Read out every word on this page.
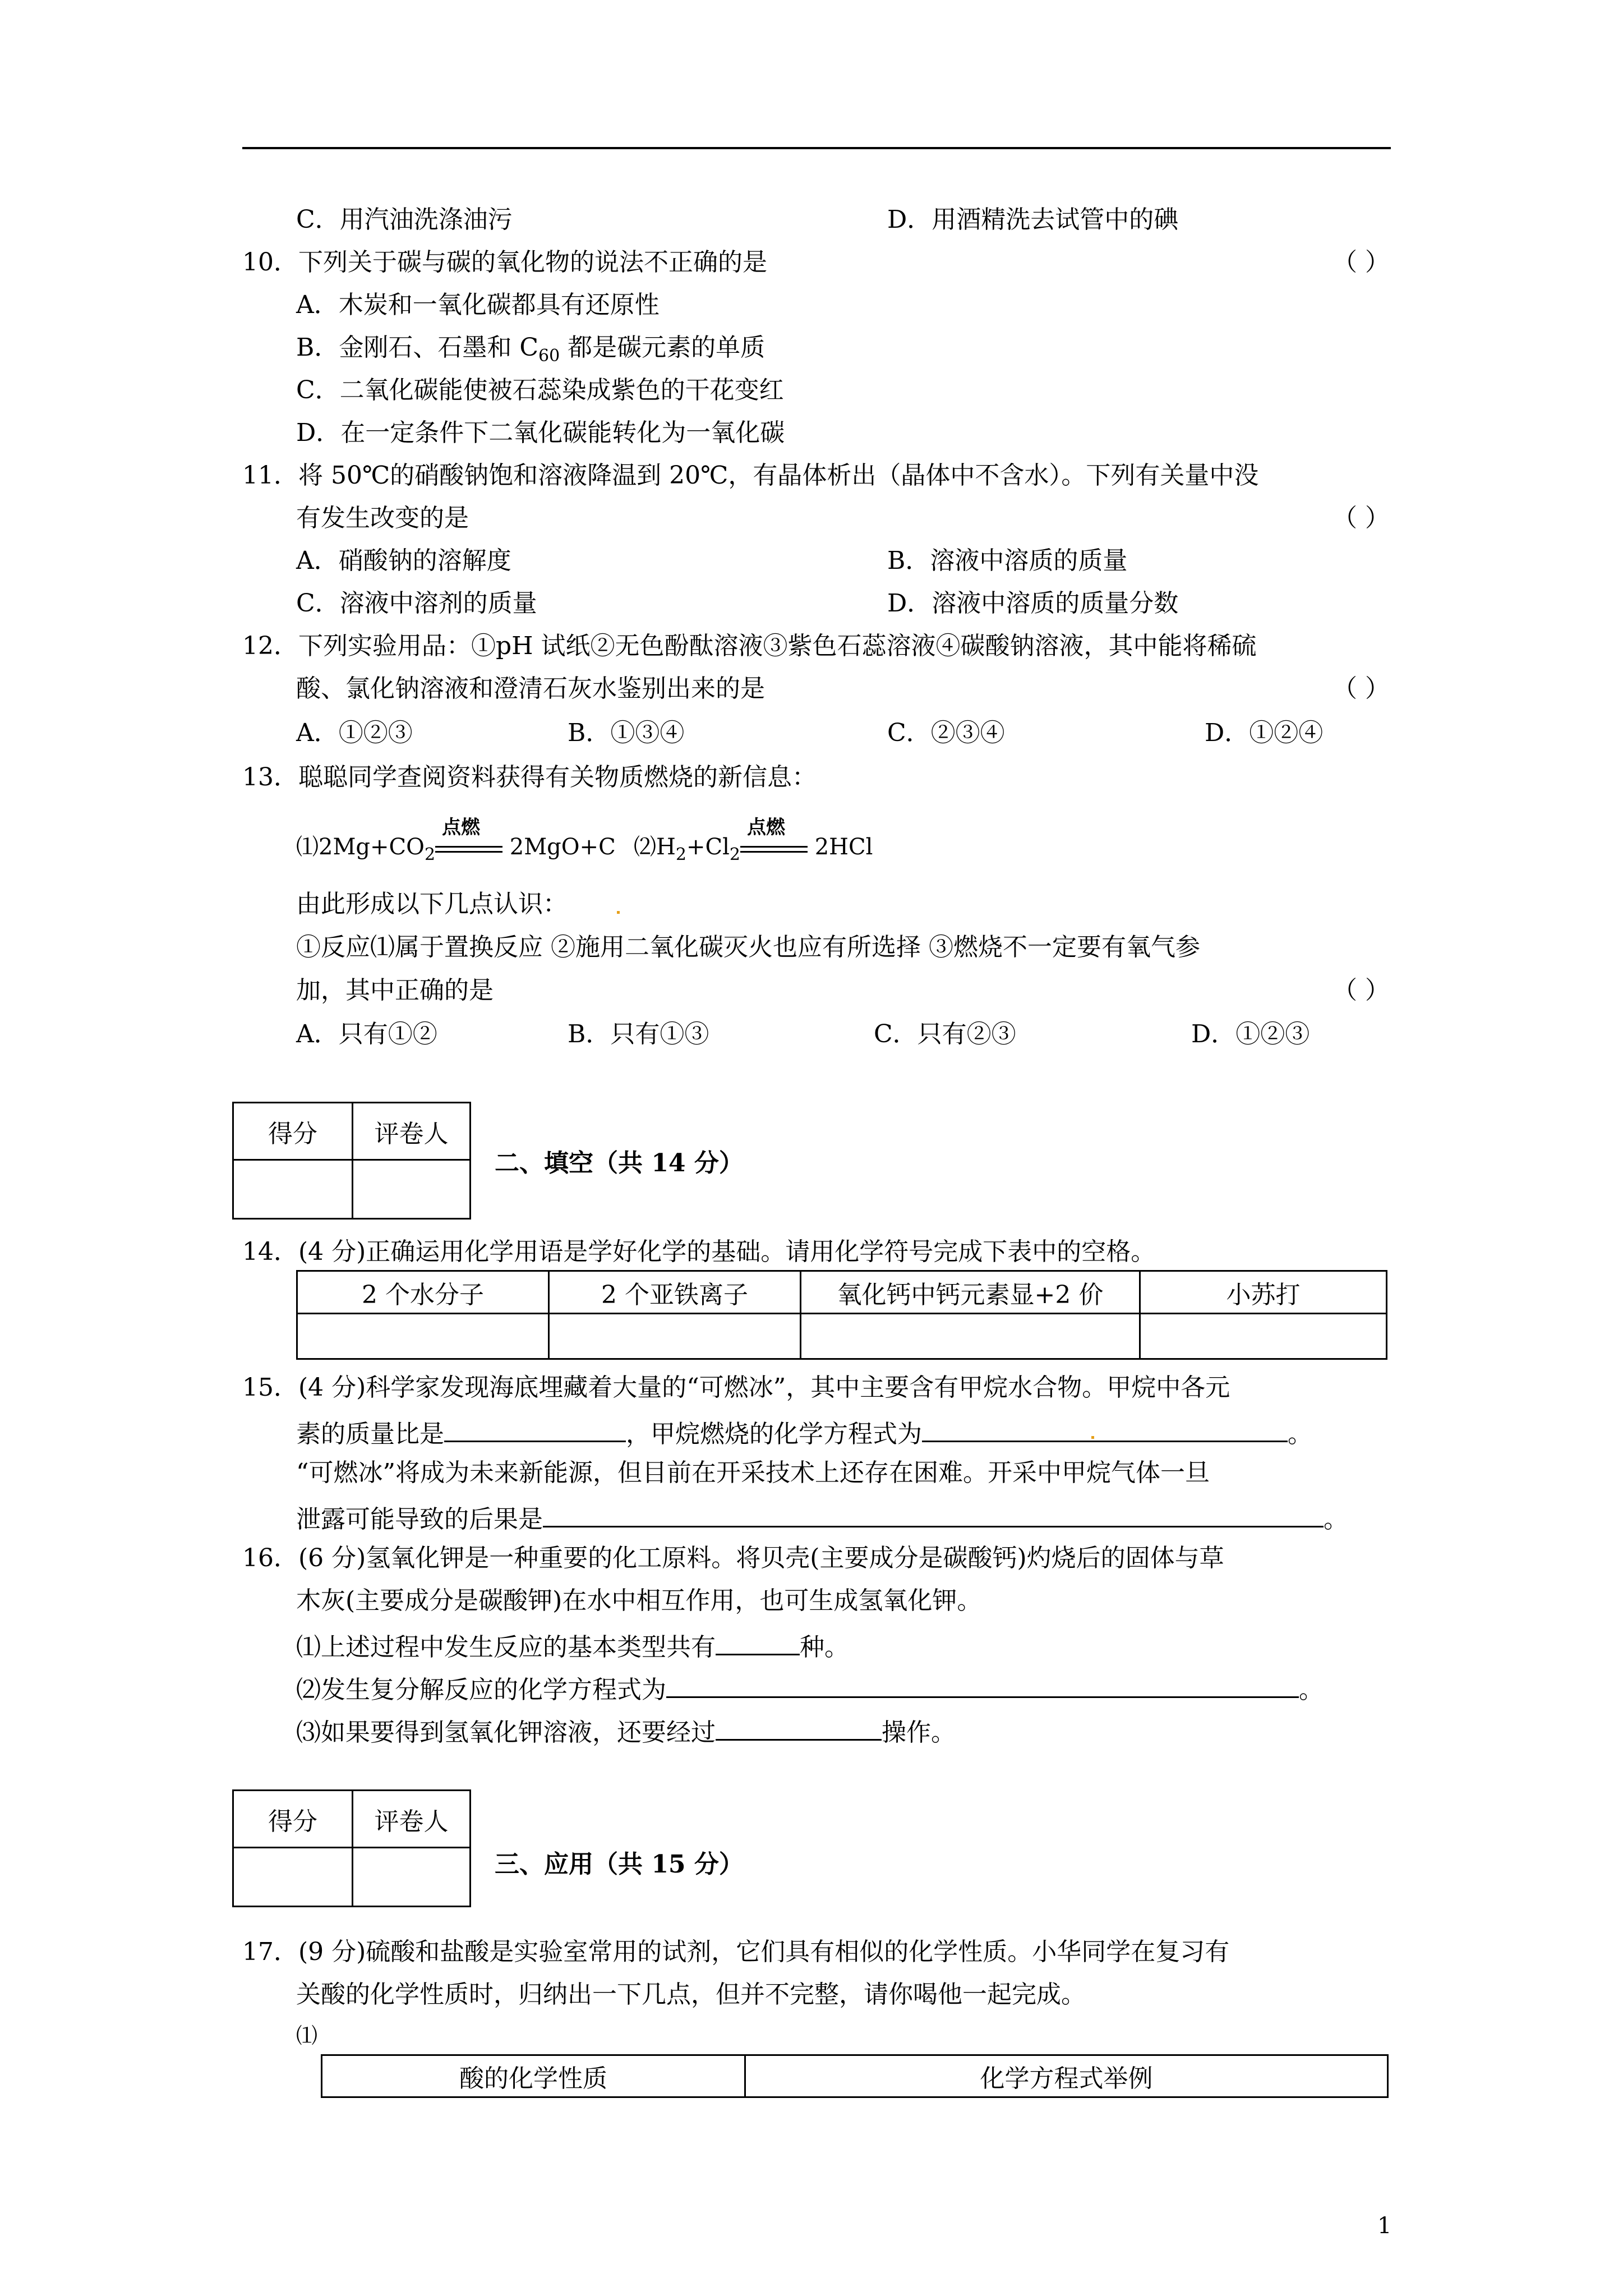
C．用汽油洗涤油污	D．用酒精洗去试管中的碘
10．下列关于碳与碳的氧化物的说法不正确的是	（ ）
A．木炭和一氧化碳都具有还原性
B．金刚石、石墨和 $C_{60}$ 都是碳元素的单质
C．二氧化碳能使被石蕊染成紫色的干花变红
D．在一定条件下二氧化碳能转化为一氧化碳
11．将 50℃的硝酸钠饱和溶液降温到 20℃，有晶体析出（晶体中不含水）。下列有关量中没
有发生改变的是	（ ）
A．硝酸钠的溶解度	B．溶液中溶质的质量
C．溶液中溶剂的质量	D．溶液中溶质的质量分数
12．下列实验用品：①pH 试纸②无色酚酞溶液③紫色石蕊溶液④碳酸钠溶液，其中能将稀硫
酸、氯化钠溶液和澄清石灰水鉴别出来的是	（ ）
A．①②③	B．①③④	C．②③④	D．①②④
13．聪聪同学查阅资料获得有关物质燃烧的新信息：
$⑴2Mg+CO_2$
点燃
2MgO+C $⑵H_2+Cl_2$
点燃
2HCl
由此形成以下几点认识：
①反应⑴属于置换反应 ②施用二氧化碳灭火也应有所选择 ③燃烧不一定要有氧气参
加，其中正确的是	（ ）
A．只有①②	B．只有①③	C．只有②③	D．①②③
得分	评卷人

二、填空（共 14 分）
14．(4 分)正确运用化学用语是学好化学的基础。请用化学符号完成下表中的空格。
2 个水分子	2 个亚铁离子	氧化钙中钙元素显+2 价	小苏打

15．(4 分)科学家发现海底埋藏着大量的“可燃冰”，其中主要含有甲烷水合物。甲烷中各元
素的质量比是	，甲烷燃烧的化学方程式为	。
“可燃冰”将成为未来新能源，但目前在开采技术上还存在困难。开采中甲烷气体一旦
泄露可能导致的后果是	。
16．(6 分)氢氧化钾是一种重要的化工原料。将贝壳(主要成分是碳酸钙)灼烧后的固体与草
木灰(主要成分是碳酸钾)在水中相互作用，也可生成氢氧化钾。
⑴上述过程中发生反应的基本类型共有	种。
⑵发生复分解反应的化学方程式为	。
⑶如果要得到氢氧化钾溶液，还要经过	操作。
得分	评卷人

三、应用（共 15 分）
17．(9 分)硫酸和盐酸是实验室常用的试剂，它们具有相似的化学性质。小华同学在复习有
关酸的化学性质时，归纳出一下几点，但并不完整，请你喝他一起完成。
⑴
酸的化学性质	化学方程式举例
1
